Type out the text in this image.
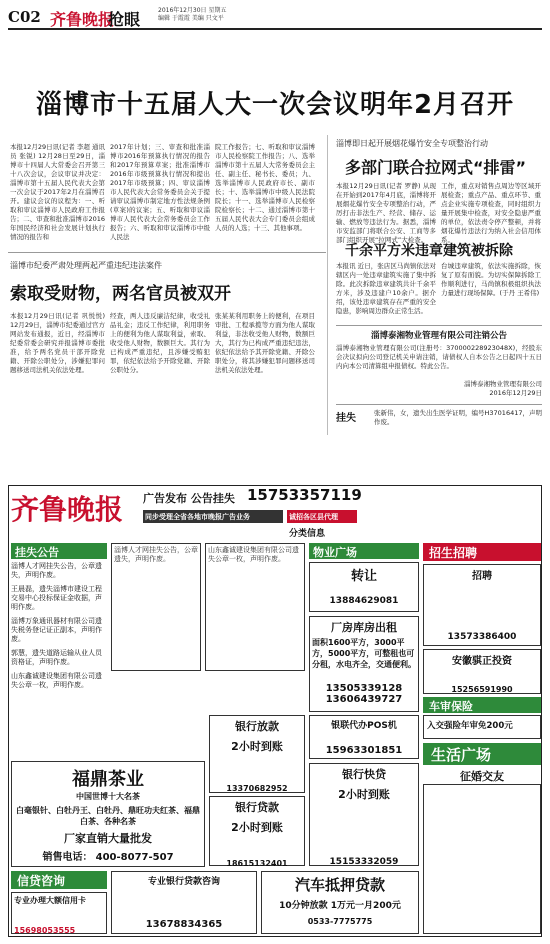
C02 齐鲁晚报
抢眼	2016年12月30日 星期五
编辑 于霞霞 美编 只文平
淄博市十五届人大一次会议明年2月召开
本报12月29日讯(记者 李超 通讯员 张锐) 12月28日至29日，淄博市十四届人大常委会召开第三十八次会议，会议审议并决定：淄博市第十五届人民代表大会第一次会议于2017年2月在淄博召开。建议会议的议程为：一、听取和审议淄博市人民政府工作报告；二、审查和批准淄博市2016年国民经济和社会发展计划执行情况的报告和
2017年计划；三、审查和批准淄博市2016年预算执行情况的报告和2017年预算草案；批准淄博市2016年市级预算执行情况和提出2017年市级预算；四、审议淄博市人民代表大会常务委员会关于提请审议淄博市制定地方性法规条例(草案)的议案；五、听取和审议淄博市人民代表大会常务委员会工作报告；六、听取和审议淄博市中级人民法
院工作报告；七、听取和审议淄博市人民检察院工作报告；八、选举淄博市第十五届人大常务委员会主任、副主任、秘书长、委员；九、选举淄博市人民政府市长、副市长；十、选举淄博市中级人民法院院长；十一、选举淄博市人民检察院检察长；十二、通过淄博市第十五届人民代表大会专门委员会组成人员的人选；十三、其他事项。
淄博即日起开展烟花爆竹安全专项整治行动
多部门联合拉网式“排雷”
本报12月29日讯(记者 罗静) 从现在开始到2017年4月底，淄博将开展烟花爆竹安全专项整治行动，严厉打击非法生产、经营、储存、运输、燃放等违法行为。据悉，淄博市安监部门将联合公安、工商等多部门组织开展“拉网式”大检查。
工作，重点对销售点周边等区域开展检查；重点产品、重点环节、重点企业实施专项检查，同时组织力量开展集中检查，对安全隐患严重的单位，依法责令停产整顿，并将烟花爆竹违法行为纳入社会信用体系。
淄博市纪委严肃处理两起严重违纪违法案件
索取受财物，两名官员被双开
本报12月29日讯(记者 巩悦悦) 12月29日，淄博市纪委通过官方网站发布通报，近日，经淄博市纪委常委会研究并报淄博市委批准，给予两名党员干部开除党籍、开除公职处分，涉嫌犯罪问题移送司法机关依法处理。
经查，两人违反廉洁纪律，收受礼品礼金；违反工作纪律，利用职务上的便利为他人谋取利益，索取、收受他人财物，数额巨大。其行为已构成严重违纪，且涉嫌受贿犯罪，依纪依法给予开除党籍、开除公职处分。
张某某利用职务上的便利，在项目审批、工程承揽等方面为他人谋取利益，非法收受他人财物，数额巨大，其行为已构成严重违纪违法，依纪依法给予其开除党籍、开除公职处分，将其涉嫌犯罪问题移送司法机关依法处理。
千余平方米违章建筑被拆除
本报讯 近日，张店区马尚镇依法对辖区内一处违章建筑实施了集中拆除。此次拆除违章建筑共计千余平方米，涉及违建户10余户。据介绍，该处违章建筑存在严重的安全隐患，影响周边群众正常生活。
台城违章建筑，依法实施拆除，恢复了原有面貌。为切实保障拆除工作顺利进行，马尚镇积极组织执法力量进行现场保障。(于丹 王希伟)
淄博泰湘物业管理有限公司注销公告
淄博泰湘物业管理有限公司(注册号：370000228923048X)，经股东会决议拟向公司登记机关申请注销，请债权人自本公告之日起四十五日内向本公司清算组申报债权。特此公告。
淄博泰湘物业管理有限公司
2016年12月29日
挂失	张新伟，女，遗失出生医学证明，编号H37016417，声明作废。
齐鲁晚报	广告发布 公告挂失 15753357119
同步受理全省各地市晚报广告业务	诚招各区县代理
分类信息
挂失公告
淄博人才网挂失公告，公章遗失，声明作废。
王晨磊，遗失淄博市建设工程交易中心投标保证金收据，声明作废。
淄博万象通讯器材有限公司遗失税务登记证正副本，声明作废。
郭慧，遗失道路运输从业人员资格证，声明作废。
山东鑫诚建设集团有限公司遗失公章一枚，声明作废。
淄博人才网挂失公告，公章遗失，声明作废。
山东鑫诚建设集团有限公司遗失公章一枚，声明作废。	物业广场
转让
13884629081
厂房库房出租
面积1600平方，3000平方，5000平方，可整租也可分租，水电齐全，交通便利。
13505339128
13606439727
招生招聘
招聘
13573386400
安徽骐正投资
15256591990
车审保险
入交强险年审免200元
银联代办POS机
15963301851
福鼎茶业
中国世博十大名茶
白毫银针、白牡丹王、白牡丹、鼎旺功夫红茶、福鼎白茶、各种名茶
厂家直销大量批发
销售电话： 400-8077-507
银行放款
2小时到账
13370682952
银行贷款
2小时到账
18615132401
银行快贷
2小时到账
15153332059
生活广场
征婚交友
信贷咨询
专业办理大额信用卡
15698053555
专业银行贷款咨询
13678834365
汽车抵押贷款
10分钟放款 1万元一月200元
0533-7775775
